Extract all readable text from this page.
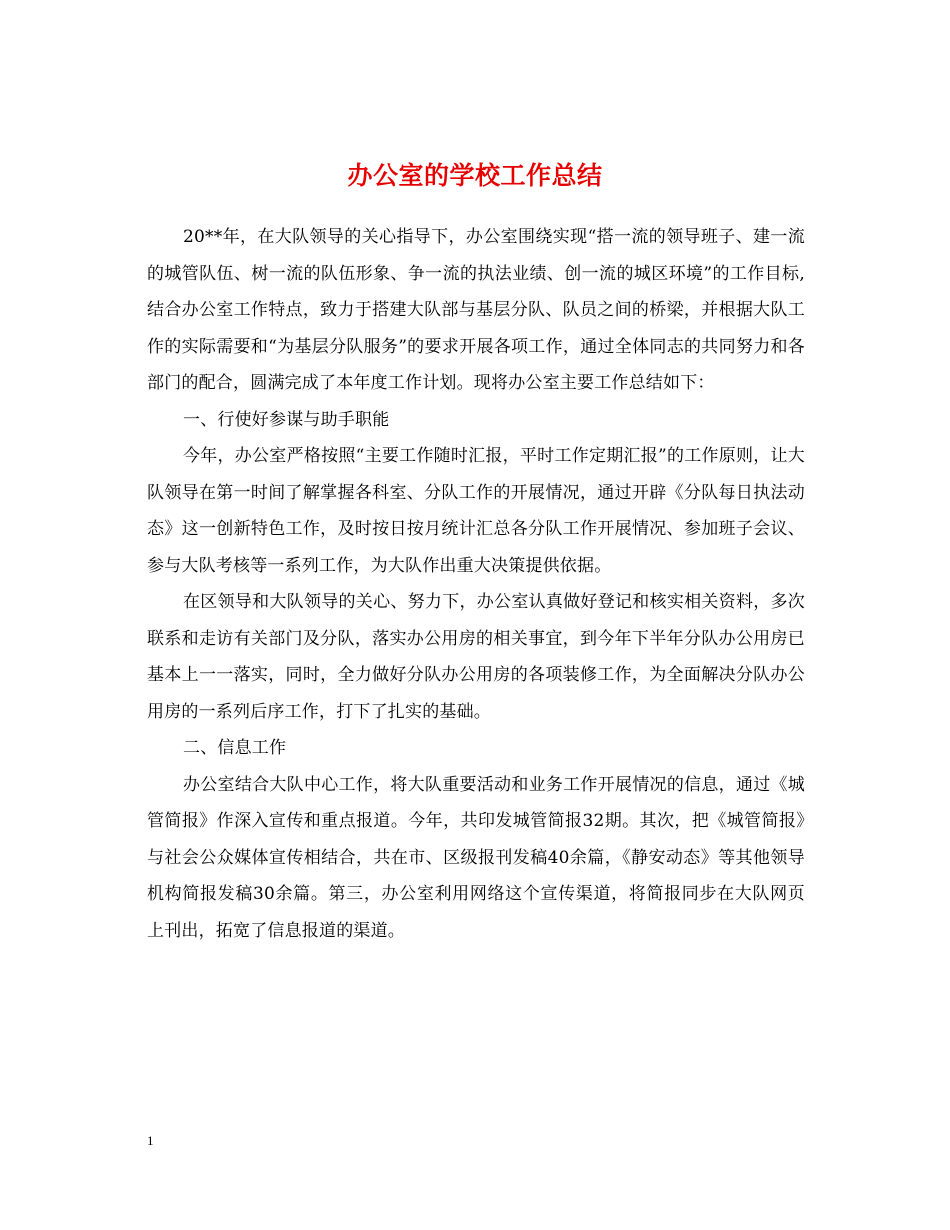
办公室的学校工作总结

20**年，在大队领导的关心指导下，办公室围绕实现“搭一流的领导班子、建一流的城管队伍、树一流的队伍形象、争一流的执法业绩、创一流的城区环境”的工作目标,结合办公室工作特点，致力于搭建大队部与基层分队、队员之间的桥梁，并根据大队工作的实际需要和“为基层分队服务”的要求开展各项工作，通过全体同志的共同努力和各部门的配合，圆满完成了本年度工作计划。现将办公室主要工作总结如下：

一、行使好参谋与助手职能

今年，办公室严格按照“主要工作随时汇报，平时工作定期汇报”的工作原则，让大队领导在第一时间了解掌握各科室、分队工作的开展情况，通过开辟《分队每日执法动态》这一创新特色工作，及时按日按月统计汇总各分队工作开展情况、参加班子会议、参与大队考核等一系列工作，为大队作出重大决策提供依据。

在区领导和大队领导的关心、努力下，办公室认真做好登记和核实相关资料，多次联系和走访有关部门及分队，落实办公用房的相关事宜，到今年下半年分队办公用房已基本上一一落实，同时，全力做好分队办公用房的各项装修工作，为全面解决分队办公用房的一系列后序工作，打下了扎实的基础。

二、信息工作

办公室结合大队中心工作，将大队重要活动和业务工作开展情况的信息，通过《城管简报》作深入宣传和重点报道。今年，共印发城管简报32期。其次，把《城管简报》与社会公众媒体宣传相结合，共在市、区级报刊发稿40余篇，《静安动态》等其他领导机构简报发稿30余篇。第三，办公室利用网络这个宣传渠道，将简报同步在大队网页上刊出，拓宽了信息报道的渠道。

1
